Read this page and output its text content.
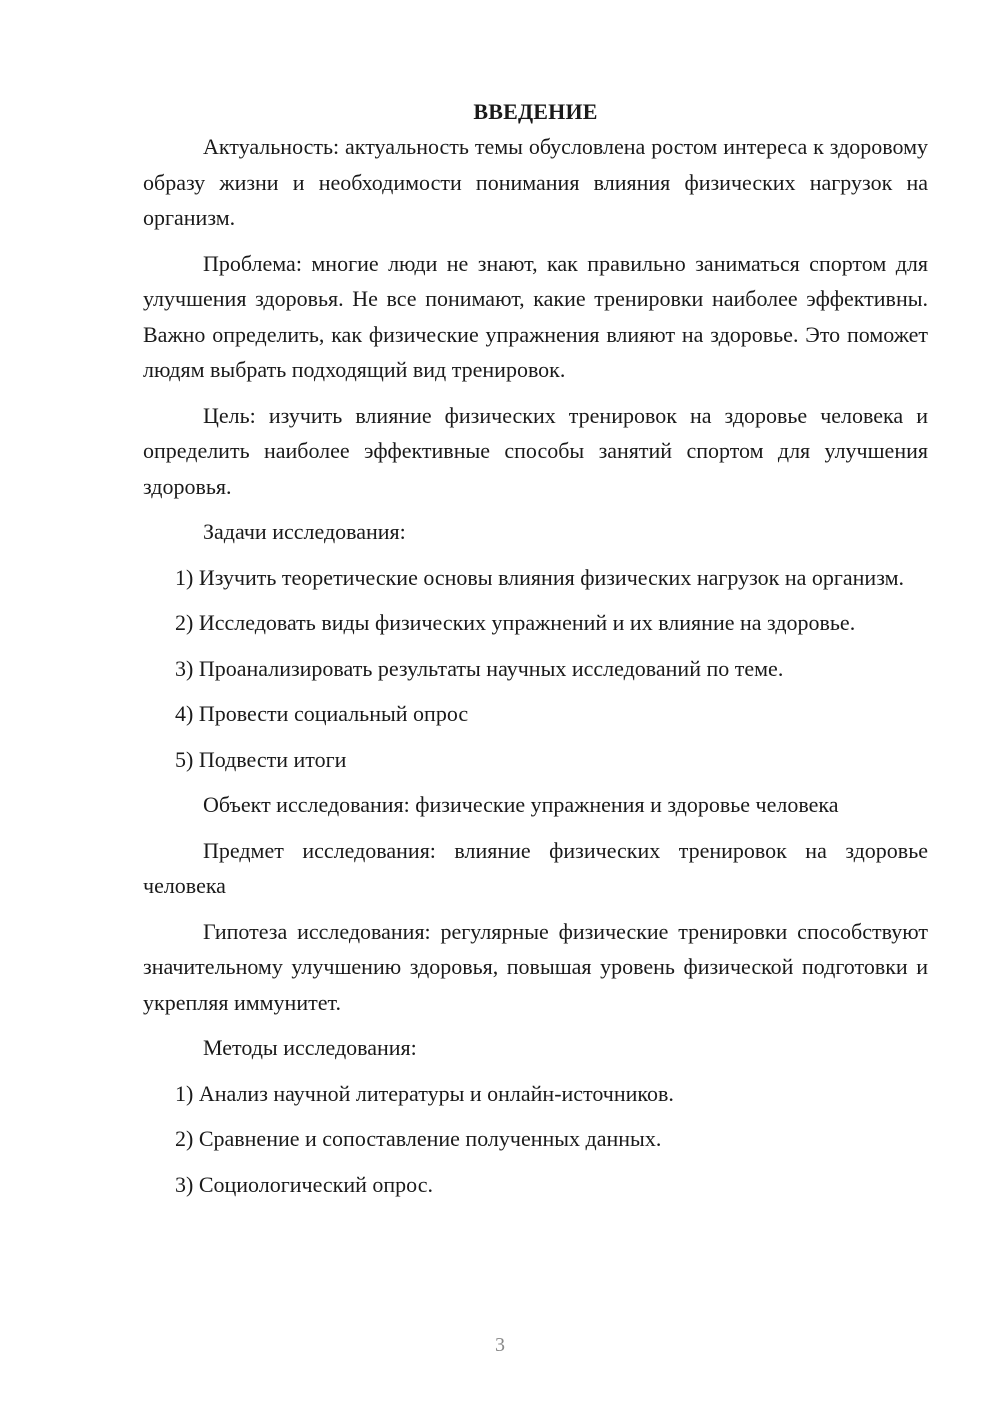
ВВЕДЕНИЕ

Актуальность: актуальность темы обусловлена ростом интереса к здоровому образу жизни и необходимости понимания влияния физических нагрузок на организм.

Проблема: многие люди не знают, как правильно заниматься спортом для улучшения здоровья. Не все понимают, какие тренировки наиболее эффективны. Важно определить, как физические упражнения влияют на здоровье. Это поможет людям выбрать подходящий вид тренировок.

Цель: изучить влияние физических тренировок на здоровье человека и определить наиболее эффективные способы занятий спортом для улучшения здоровья.

Задачи исследования:

1) Изучить теоретические основы влияния физических нагрузок на организм.

2) Исследовать виды физических упражнений и их влияние на здоровье.

3) Проанализировать результаты научных исследований по теме.

4) Провести социальный опрос

5) Подвести итоги

Объект исследования: физические упражнения и здоровье человека

Предмет исследования: влияние физических тренировок на здоровье человека

Гипотеза исследования: регулярные физические тренировки способствуют значительному улучшению здоровья, повышая уровень физической подготовки и укрепляя иммунитет.

Методы исследования:

1) Анализ научной литературы и онлайн-источников.

2) Сравнение и сопоставление полученных данных.

3) Социологический опрос.

3
